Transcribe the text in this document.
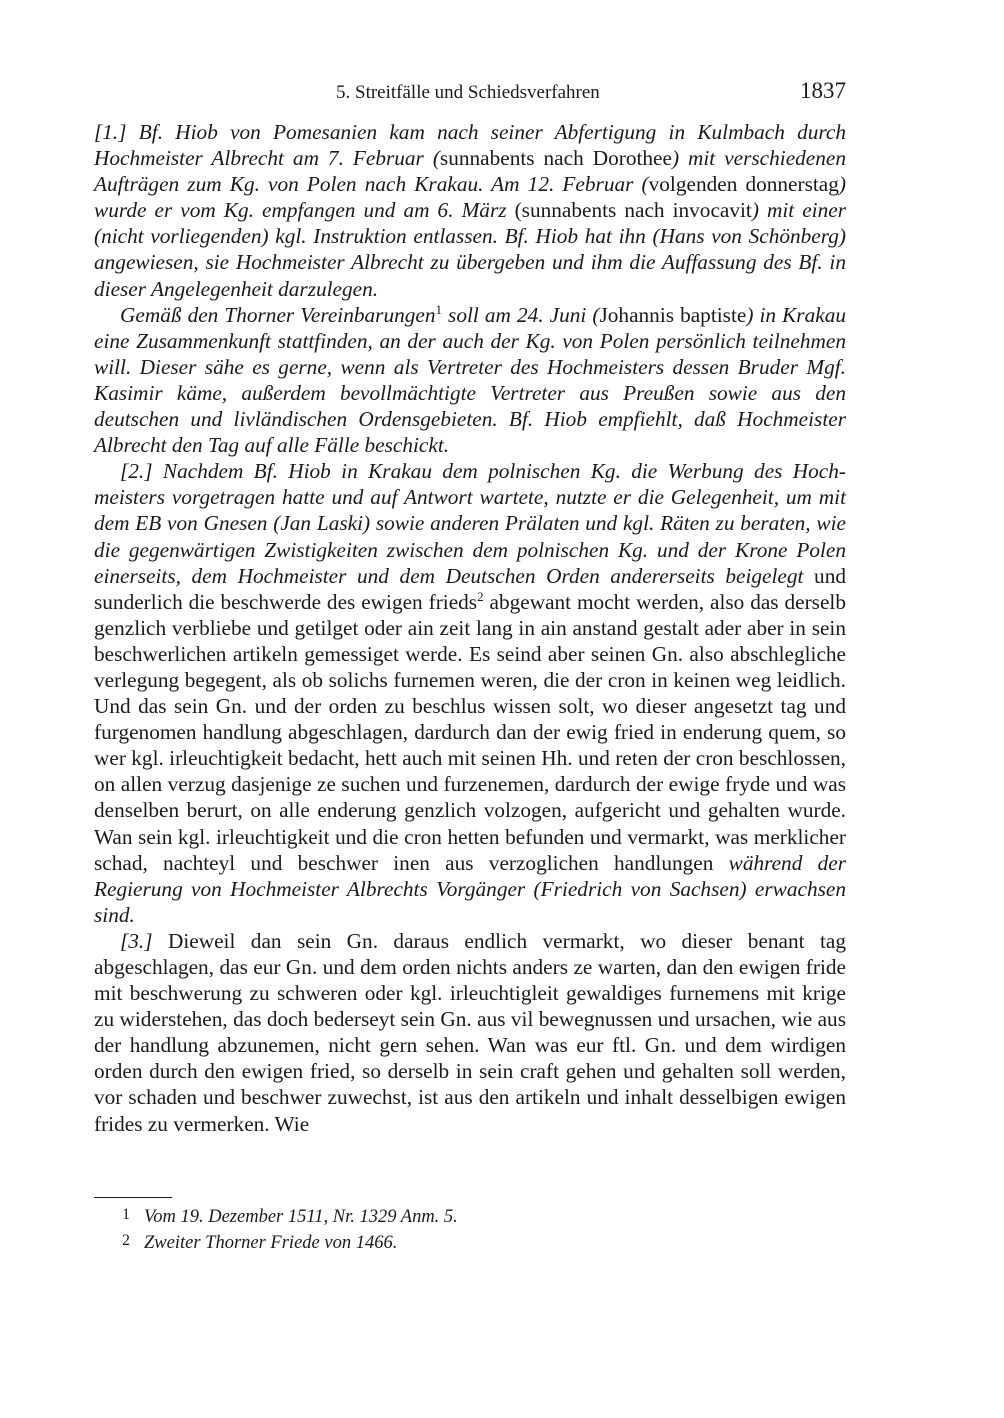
5. Streitfälle und Schiedsverfahren	1837

[1.] Bf. Hiob von Pomesanien kam nach seiner Abfertigung in Kulmbach durch Hochmeister Albrecht am 7. Februar (sunnabents nach Dorothee) mit verschiedenen Aufträgen zum Kg. von Polen nach Krakau. Am 12. Februar (volgenden donnerstag) wurde er vom Kg. empfangen und am 6. März (sunnabents nach invocavit) mit einer (nicht vorliegenden) kgl. Instruktion entlassen. Bf. Hiob hat ihn (Hans von Schönberg) angewiesen, sie Hochmeister Albrecht zu übergeben und ihm die Auffassung des Bf. in dieser Angelegenheit darzulegen.

Gemäß den Thorner Vereinbarungen$^1$ soll am 24. Juni (Johannis baptiste) in Krakau eine Zusammenkunft stattfinden, an der auch der Kg. von Polen persönlich teilnehmen will. Dieser sähe es gerne, wenn als Vertreter des Hochmeisters dessen Bruder Mgf. Kasimir käme, außerdem bevollmächtigte Vertreter aus Preußen sowie aus den deutschen und livländischen Ordensgebieten. Bf. Hiob empfiehlt, daß Hochmeister Albrecht den Tag auf alle Fälle beschickt.

[2.] Nachdem Bf. Hiob in Krakau dem polnischen Kg. die Werbung des Hochmeisters vorgetragen hatte und auf Antwort wartete, nutzte er die Gelegenheit, um mit dem EB von Gnesen (Jan Laski) sowie anderen Prälaten und kgl. Räten zu beraten, wie die gegenwärtigen Zwistigkeiten zwischen dem polnischen Kg. und der Krone Polen einerseits, dem Hochmeister und dem Deutschen Orden andererseits beigelegt und sunderlich die beschwerde des ewigen frieds$^2$ abgewant mocht werden, also das derselb genzlich verbliebe und getilget oder ain zeit lang in ain anstand gestalt ader aber in sein beschwerlichen artikeln gemessiget werde. Es seind aber seinen Gn. also abschlegliche verlegung begegent, als ob solichs furnemen weren, die der cron in keinen weg leidlich. Und das sein Gn. und der orden zu beschlus wissen solt, wo dieser angesetzt tag und furgenomen handlung abgeschlagen, dardurch dan der ewig fried in enderung quem, so wer kgl. irleuchtigkeit bedacht, hett auch mit seinen Hh. und reten der cron beschlossen, on allen verzug dasjenige ze suchen und furzenemen, dardurch der ewige fryde und was denselben berurt, on alle enderung genzlich volzogen, aufgericht und gehalten wurde. Wan sein kgl. irleuchtigkeit und die cron hetten befunden und vermarkt, was merklicher schad, nachteyl und beschwer inen aus verzoglichen handlungen während der Regierung von Hochmeister Albrechts Vorgänger (Friedrich von Sachsen) erwachsen sind.

[3.] Dieweil dan sein Gn. daraus endlich vermarkt, wo dieser benant tag abgeschlagen, das eur Gn. und dem orden nichts anders ze warten, dan den ewigen fride mit beschwerung zu schweren oder kgl. irleuchtigleit gewaldiges furnemens mit krige zu widerstehen, das doch bederseyt sein Gn. aus vil bewegnussen und ursachen, wie aus der handlung abzunemen, nicht gern sehen. Wan was eur ftl. Gn. und dem wirdigen orden durch den ewigen fried, so derselb in sein craft gehen und gehalten soll werden, vor schaden und beschwer zuwechst, ist aus den artikeln und inhalt desselbigen ewigen frides zu vermerken. Wie

1 Vom 19. Dezember 1511, Nr. 1329 Anm. 5.
2 Zweiter Thorner Friede von 1466.
